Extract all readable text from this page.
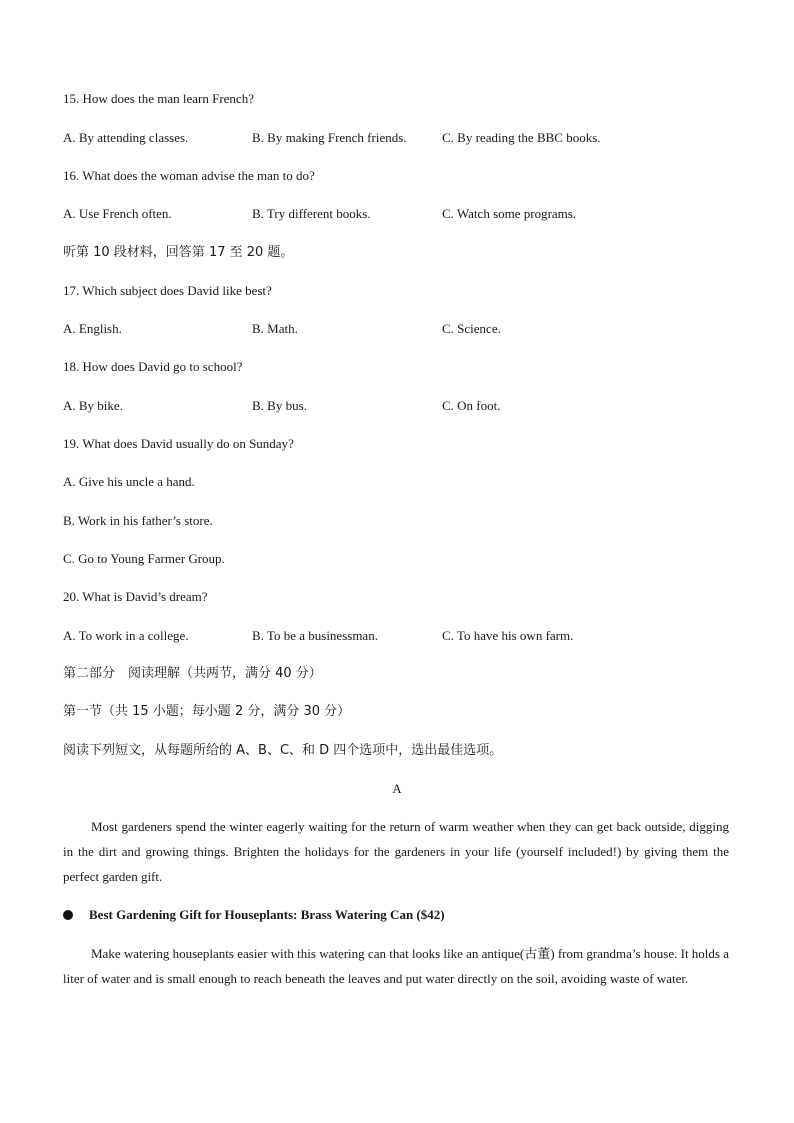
15. How does the man learn French?
A. By attending classes.	B. By making French friends.	C. By reading the BBC books.
16. What does the woman advise the man to do?
A. Use French often.	B. Try different books.	C. Watch some programs.
听第 10 段材料，回答第 17 至 20 题。
17. Which subject does David like best?
A. English.	B. Math.	C. Science.
18. How does David go to school?
A. By bike.	B. By bus.	C. On foot.
19. What does David usually do on Sunday?
A. Give his uncle a hand.
B. Work in his father’s store.
C. Go to Young Farmer Group.
20. What is David’s dream?
A. To work in a college.	B. To be a businessman.	C. To have his own farm.
第二部分　阅读理解（共两节，满分 40 分）
第一节（共 15 小题；每小题 2 分，满分 30 分）
阅读下列短文，从每题所给的 A、B、C、和 D 四个选项中，选出最佳选项。
A
Most gardeners spend the winter eagerly waiting for the return of warm weather when they can get back outside, digging in the dirt and growing things. Brighten the holidays for the gardeners in your life (yourself included!) by giving them the perfect garden gift.
Best Gardening Gift for Houseplants: Brass Watering Can ($42)
Make watering houseplants easier with this watering can that looks like an antique(古董) from grandma’s house. It holds a liter of water and is small enough to reach beneath the leaves and put water directly on the soil, avoiding waste of water.
